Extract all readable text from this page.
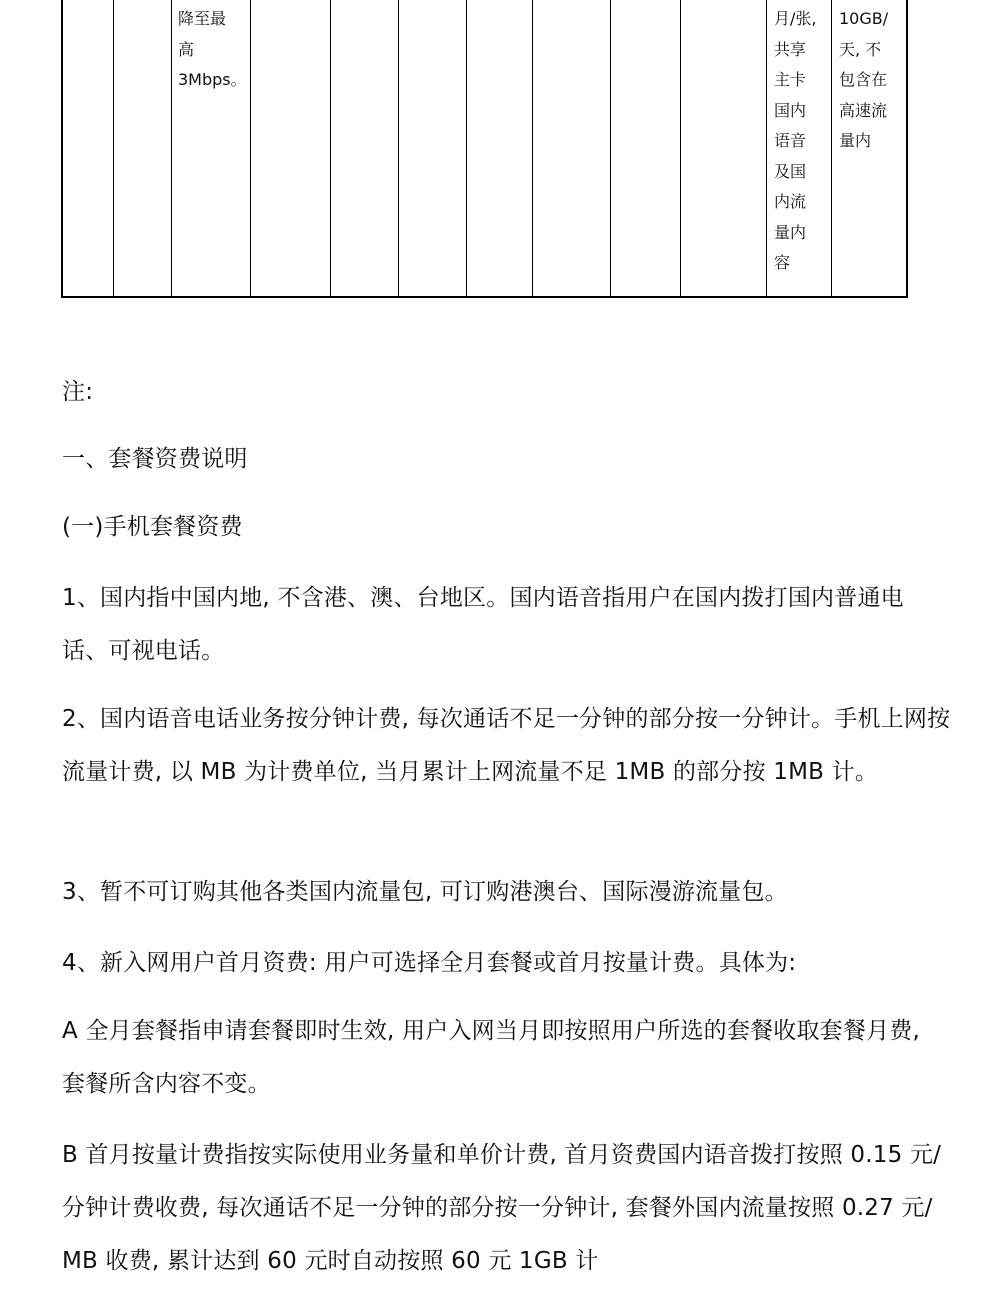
降至最
高
3Mbps。
月/张,
共享
主卡
国内
语音
及国
内流
量内
容
10GB/
天, 不
包含在
高速流
量内
注:
一、套餐资费说明
(一)手机套餐资费
1、国内指中国内地, 不含港、澳、台地区。国内语音指用户在国内拨打国内普通电话、可视电话。
2、国内语音电话业务按分钟计费, 每次通话不足一分钟的部分按一分钟计。手机上网按流量计费, 以 MB 为计费单位, 当月累计上网流量不足 1MB 的部分按 1MB 计。
3、暂不可订购其他各类国内流量包, 可订购港澳台、国际漫游流量包。
4、新入网用户首月资费: 用户可选择全月套餐或首月按量计费。具体为:
A 全月套餐指申请套餐即时生效, 用户入网当月即按照用户所选的套餐收取套餐月费, 套餐所含内容不变。
B 首月按量计费指按实际使用业务量和单价计费, 首月资费国内语音拨打按照 0.15 元/分钟计费收费, 每次通话不足一分钟的部分按一分钟计, 套餐外国内流量按照 0.27 元/MB 收费, 累计达到 60 元时自动按照 60 元 1GB 计
